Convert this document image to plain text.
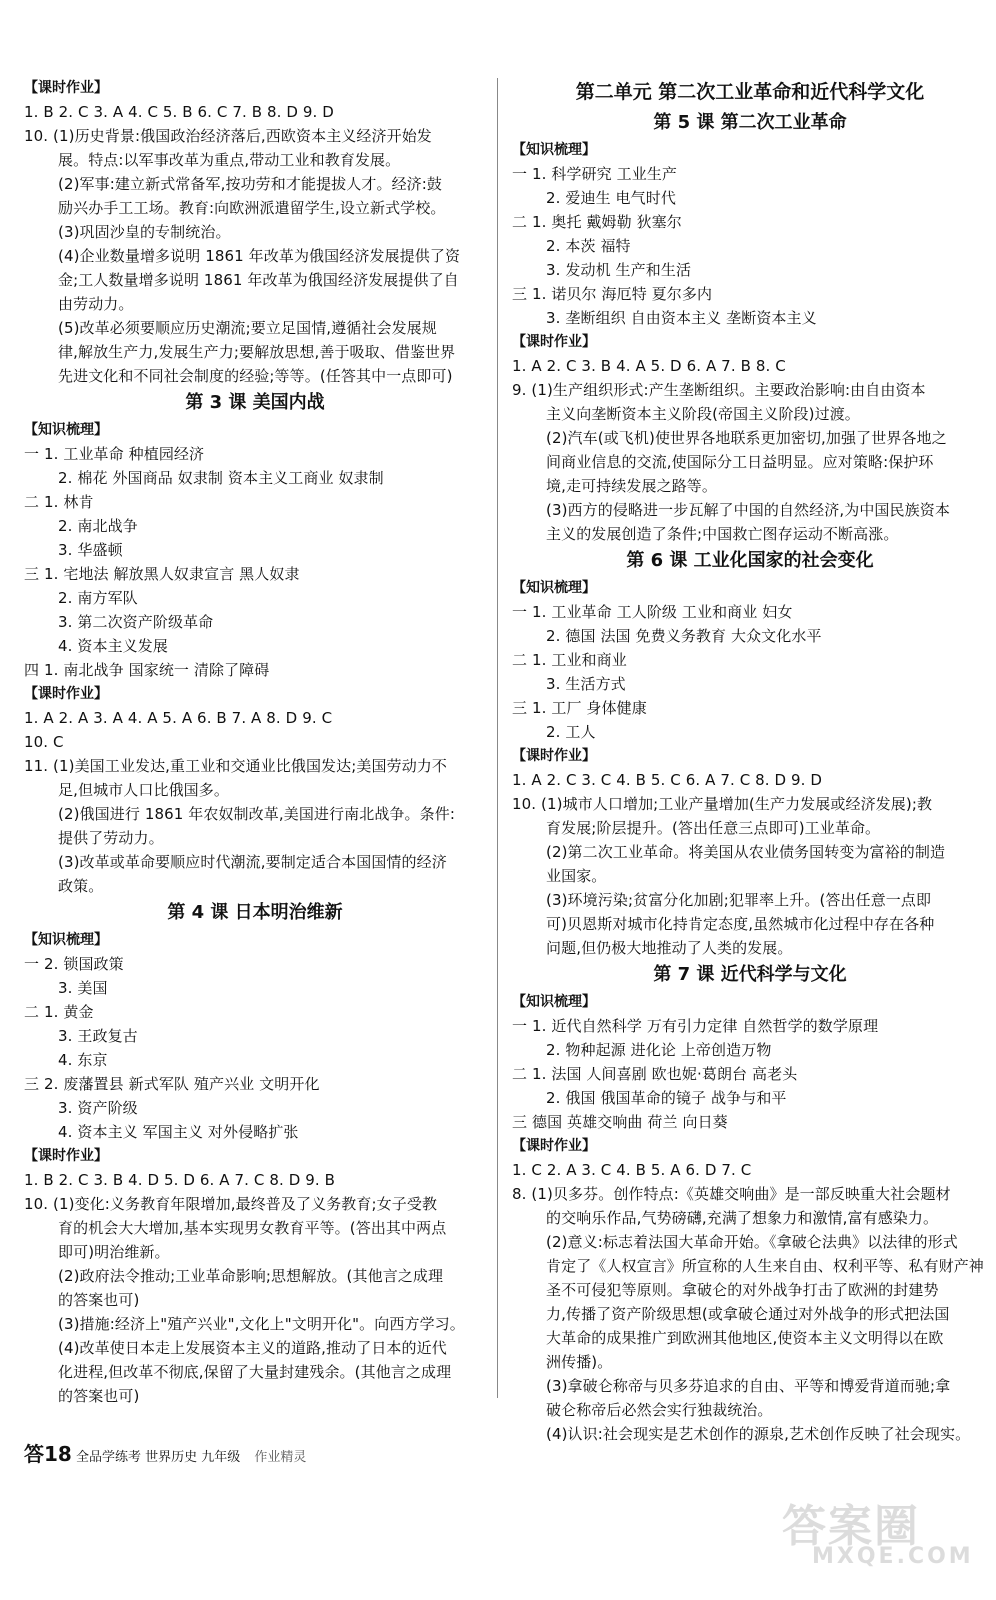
【课时作业】
1. B 2. C 3. A 4. C 5. B 6. C 7. B 8. D 9. D
10. (1)历史背景:俄国政治经济落后,西欧资本主义经济开始发
展。特点:以军事改革为重点,带动工业和教育发展。
(2)军事:建立新式常备军,按功劳和才能提拔人才。经济:鼓
励兴办手工工场。教育:向欧洲派遣留学生,设立新式学校。
(3)巩固沙皇的专制统治。
(4)企业数量增多说明 1861 年改革为俄国经济发展提供了资
金;工人数量增多说明 1861 年改革为俄国经济发展提供了自
由劳动力。
(5)改革必须要顺应历史潮流;要立足国情,遵循社会发展规
律,解放生产力,发展生产力;要解放思想,善于吸取、借鉴世界
先进文化和不同社会制度的经验;等等。(任答其中一点即可)
第 3 课 美国内战
【知识梳理】
一 1. 工业革命 种植园经济
2. 棉花 外国商品 奴隶制 资本主义工商业 奴隶制
二 1. 林肯
2. 南北战争
3. 华盛顿
三 1. 宅地法 解放黑人奴隶宣言 黑人奴隶
2. 南方军队
3. 第二次资产阶级革命
4. 资本主义发展
四 1. 南北战争 国家统一 清除了障碍
【课时作业】
1. A 2. A 3. A 4. A 5. A 6. B 7. A 8. D 9. C
10. C
11. (1)美国工业发达,重工业和交通业比俄国发达;美国劳动力不
足,但城市人口比俄国多。
(2)俄国进行 1861 年农奴制改革,美国进行南北战争。条件:
提供了劳动力。
(3)改革或革命要顺应时代潮流,要制定适合本国国情的经济
政策。
第 4 课 日本明治维新
【知识梳理】
一 2. 锁国政策
3. 美国
二 1. 黄金
3. 王政复古
4. 东京
三 2. 废藩置县 新式军队 殖产兴业 文明开化
3. 资产阶级
4. 资本主义 军国主义 对外侵略扩张
【课时作业】
1. B 2. C 3. B 4. D 5. D 6. A 7. C 8. D 9. B
10. (1)变化:义务教育年限增加,最终普及了义务教育;女子受教
育的机会大大增加,基本实现男女教育平等。(答出其中两点
即可)明治维新。
(2)政府法令推动;工业革命影响;思想解放。(其他言之成理
的答案也可)
(3)措施:经济上"殖产兴业",文化上"文明开化"。向西方学习。
(4)改革使日本走上发展资本主义的道路,推动了日本的近代
化进程,但改革不彻底,保留了大量封建残余。(其他言之成理
的答案也可)
第二单元 第二次工业革命和近代科学文化
第 5 课 第二次工业革命
【知识梳理】
一 1. 科学研究 工业生产
2. 爱迪生 电气时代
二 1. 奥托 戴姆勒 狄塞尔
2. 本茨 福特
3. 发动机 生产和生活
三 1. 诺贝尔 海厄特 夏尔多内
3. 垄断组织 自由资本主义 垄断资本主义
【课时作业】
1. A 2. C 3. B 4. A 5. D 6. A 7. B 8. C
9. (1)生产组织形式:产生垄断组织。主要政治影响:由自由资本
主义向垄断资本主义阶段(帝国主义阶段)过渡。
(2)汽车(或飞机)使世界各地联系更加密切,加强了世界各地之
间商业信息的交流,使国际分工日益明显。应对策略:保护环
境,走可持续发展之路等。
(3)西方的侵略进一步瓦解了中国的自然经济,为中国民族资本
主义的发展创造了条件;中国救亡图存运动不断高涨。
第 6 课 工业化国家的社会变化
【知识梳理】
一 1. 工业革命 工人阶级 工业和商业 妇女
2. 德国 法国 免费义务教育 大众文化水平
二 1. 工业和商业
3. 生活方式
三 1. 工厂 身体健康
2. 工人
【课时作业】
1. A 2. C 3. C 4. B 5. C 6. A 7. C 8. D 9. D
10. (1)城市人口增加;工业产量增加(生产力发展或经济发展);教
育发展;阶层提升。(答出任意三点即可)工业革命。
(2)第二次工业革命。将美国从农业债务国转变为富裕的制造
业国家。
(3)环境污染;贫富分化加剧;犯罪率上升。(答出任意一点即
可)贝恩斯对城市化持肯定态度,虽然城市化过程中存在各种
问题,但仍极大地推动了人类的发展。
第 7 课 近代科学与文化
【知识梳理】
一 1. 近代自然科学 万有引力定律 自然哲学的数学原理
2. 物种起源 进化论 上帝创造万物
二 1. 法国 人间喜剧 欧也妮·葛朗台 高老头
2. 俄国 俄国革命的镜子 战争与和平
三 德国 英雄交响曲 荷兰 向日葵
【课时作业】
1. C 2. A 3. C 4. B 5. A 6. D 7. C
8. (1)贝多芬。创作特点:《英雄交响曲》是一部反映重大社会题材
的交响乐作品,气势磅礴,充满了想象力和激情,富有感染力。
(2)意义:标志着法国大革命开始。《拿破仑法典》以法律的形式
肯定了《人权宣言》所宣称的人生来自由、权利平等、私有财产神
圣不可侵犯等原则。拿破仑的对外战争打击了欧洲的封建势
力,传播了资产阶级思想(或拿破仑通过对外战争的形式把法国
大革命的成果推广到欧洲其他地区,使资本主义文明得以在欧
洲传播)。
(3)拿破仑称帝与贝多芬追求的自由、平等和博爱背道而驰;拿
破仑称帝后必然会实行独裁统治。
(4)认识:社会现实是艺术创作的源泉,艺术创作反映了社会现实。
答18 全品学练考 世界历史 九年级 作业精灵
答案圈
MXQE.COM
